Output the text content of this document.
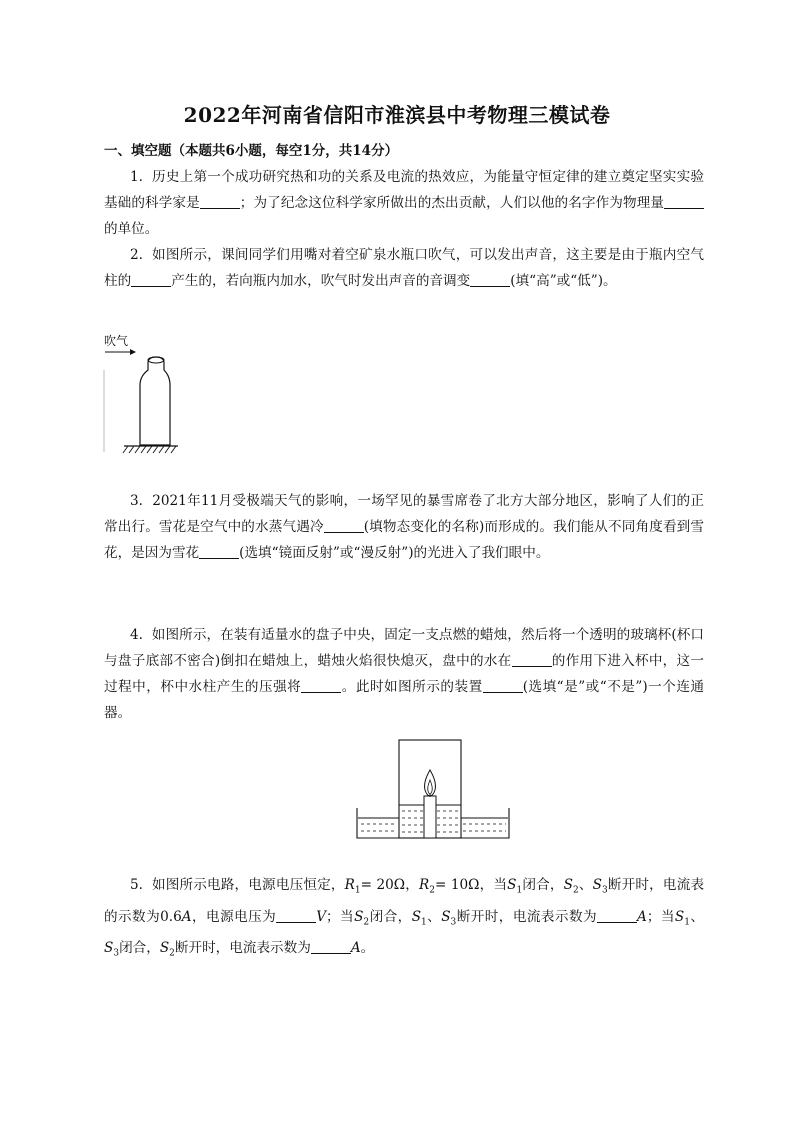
2022年河南省信阳市淮滨县中考物理三模试卷
一、填空题（本题共6小题，每空1分，共14分）
1. 历史上第一个成功研究热和功的关系及电流的热效应，为能量守恒定律的建立奠定坚实实验基础的科学家是	；为了纪念这位科学家所做出的杰出贡献，人们以他的名字作为物理量的单位。
2. 如图所示，课间同学们用嘴对着空矿泉水瓶口吹气，可以发出声音，这主要是由于瓶内空气柱的	产生的，若向瓶内加水，吹气时发出声音的音调变	(填“高”或“低”)。
吹气
3. 2021年11月受极端天气的影响，一场罕见的暴雪席卷了北方大部分地区，影响了人们的正常出行。雪花是空气中的水蒸气遇冷	(填物态变化的名称)而形成的。我们能从不同角度看到雪花，是因为雪花	(选填“镜面反射”或“漫反射”)的光进入了我们眼中。
4. 如图所示，在装有适量水的盘子中央，固定一支点燃的蜡烛，然后将一个透明的玻璃杯(杯口与盘子底部不密合)倒扣在蜡烛上，蜡烛火焰很快熄灭，盘中的水在	的作用下进入杯中，这一过程中，杯中水柱产生的压强将	。此时如图所示的装置	(选填“是”或“不是”)一个连通器。
5. 如图所示电路，电源电压恒定，$R_1= 20\Omega$，$R_2= 10\Omega$，当$S_1$闭合，$S_2$、$S_3$断开时，电流表的示数为0.6A，电源电压为	V；当$S_2$闭合，$S_1$、$S_3$断开时，电流表示数为	A；当$S_1$、$S_3$闭合，$S_2$断开时，电流表示数为	A。
